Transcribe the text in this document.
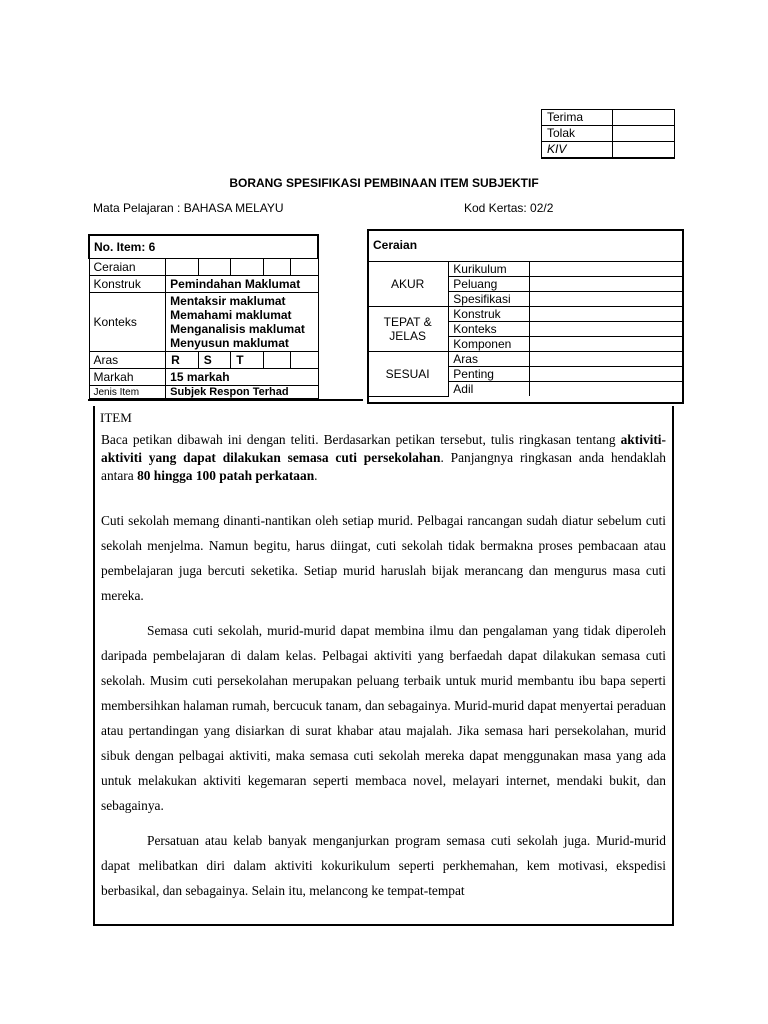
Terima	
Tolak	
KIV	
BORANG SPESIFIKASI PEMBINAAN ITEM SUBJEKTIF
Mata Pelajaran : BAHASA MELAYU	Kod Kertas: 02/2
No. Item: 6					
Ceraian					
Konstruk	Pemindahan Maklumat				
Konteks	Mentaksir maklumat
Memahami maklumat
Menganalisis maklumat
Menyusun maklumat				

Aras	R	S	T		
Markah	15 markah				
Jenis Item	Subjek Respon Terhad				
Ceraian
AKUR	Kurikulum	
	Peluang	
	Spesifikasi	

TEPAT &
JELAS	Konstruk	
	Konteks	
	Komponen	
SESUAI	Aras	
	Penting	
	Adil	
ITEM
Baca petikan dibawah ini dengan teliti. Berdasarkan petikan tersebut, tulis ringkasan tentang aktiviti-aktiviti yang dapat dilakukan semasa cuti persekolahan. Panjangnya ringkasan anda hendaklah antara 80 hingga 100 patah perkataan.

Cuti sekolah memang dinanti-nantikan oleh setiap murid. Pelbagai rancangan sudah diatur sebelum cuti sekolah menjelma. Namun begitu, harus diingat, cuti sekolah tidak bermakna proses pembacaan atau pembelajaran juga bercuti seketika. Setiap murid haruslah bijak merancang dan mengurus masa cuti mereka.

Semasa cuti sekolah, murid-murid dapat membina ilmu dan pengalaman yang tidak diperoleh daripada pembelajaran di dalam kelas. Pelbagai aktiviti yang berfaedah dapat dilakukan semasa cuti sekolah. Musim cuti persekolahan merupakan peluang terbaik untuk murid membantu ibu bapa seperti membersihkan halaman rumah, bercucuk tanam, dan sebagainya. Murid-murid dapat menyertai peraduan atau pertandingan yang disiarkan di surat khabar atau majalah. Jika semasa hari persekolahan, murid sibuk dengan pelbagai aktiviti, maka semasa cuti sekolah mereka dapat menggunakan masa yang ada untuk melakukan aktiviti kegemaran seperti membaca novel, melayari internet, mendaki bukit, dan sebagainya.

Persatuan atau kelab banyak menganjurkan program semasa cuti sekolah juga. Murid-murid dapat melibatkan diri dalam aktiviti kokurikulum seperti perkhemahan, kem motivasi, ekspedisi berbasikal, dan sebagainya. Selain itu, melancong ke tempat-tempat
